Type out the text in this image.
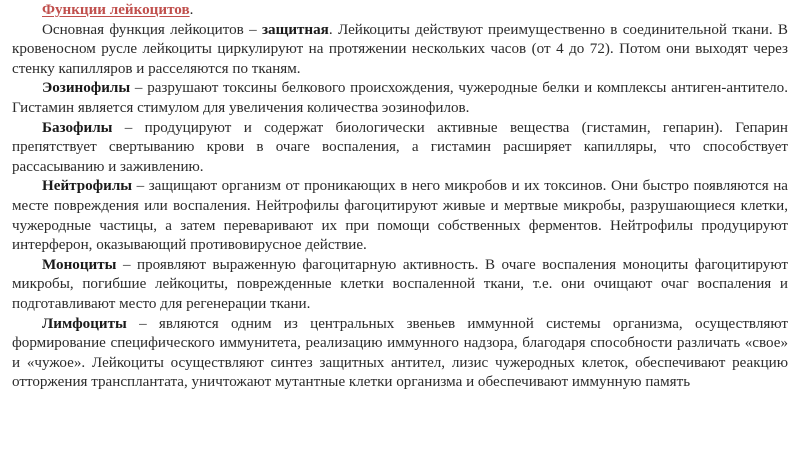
Функции лейкоцитов.

Основная функция лейкоцитов – защитная. Лейкоциты действуют преимущественно в соединительной ткани. В кровеносном русле лейкоциты циркулируют на протяжении нескольких часов (от 4 до 72). Потом они выходят через стенку капилляров и расселяются по тканям.

Эозинофилы – разрушают токсины белкового происхождения, чужеродные белки и комплексы антиген-антитело. Гистамин является стимулом для увеличения количества эозинофилов.

Базофилы – продуцируют и содержат биологически активные вещества (гистамин, гепарин). Гепарин препятствует свертыванию крови в очаге воспаления, а гистамин расширяет капилляры, что способствует рассасыванию и заживлению.

Нейтрофилы – защищают организм от проникающих в него микробов и их токсинов. Они быстро появляются на месте повреждения или воспаления. Нейтрофилы фагоцитируют живые и мертвые микробы, разрушающиеся клетки, чужеродные частицы, а затем переваривают их при помощи собственных ферментов. Нейтрофилы продуцируют интерферон, оказывающий противовирусное действие.

Моноциты – проявляют выраженную фагоцитарную активность. В очаге воспаления моноциты фагоцитируют микробы, погибшие лейкоциты, поврежденные клетки воспаленной ткани, т.е. они очищают очаг воспаления и подготавливают место для регенерации ткани.

Лимфоциты – являются одним из центральных звеньев иммунной системы организма, осуществляют формирование специфического иммунитета, реализацию иммунного надзора, благодаря способности различать «свое» и «чужое». Лейкоциты осуществляют синтез защитных антител, лизис чужеродных клеток, обеспечивают реакцию отторжения трансплантата, уничтожают мутантные клетки организма и обеспечивают иммунную память
